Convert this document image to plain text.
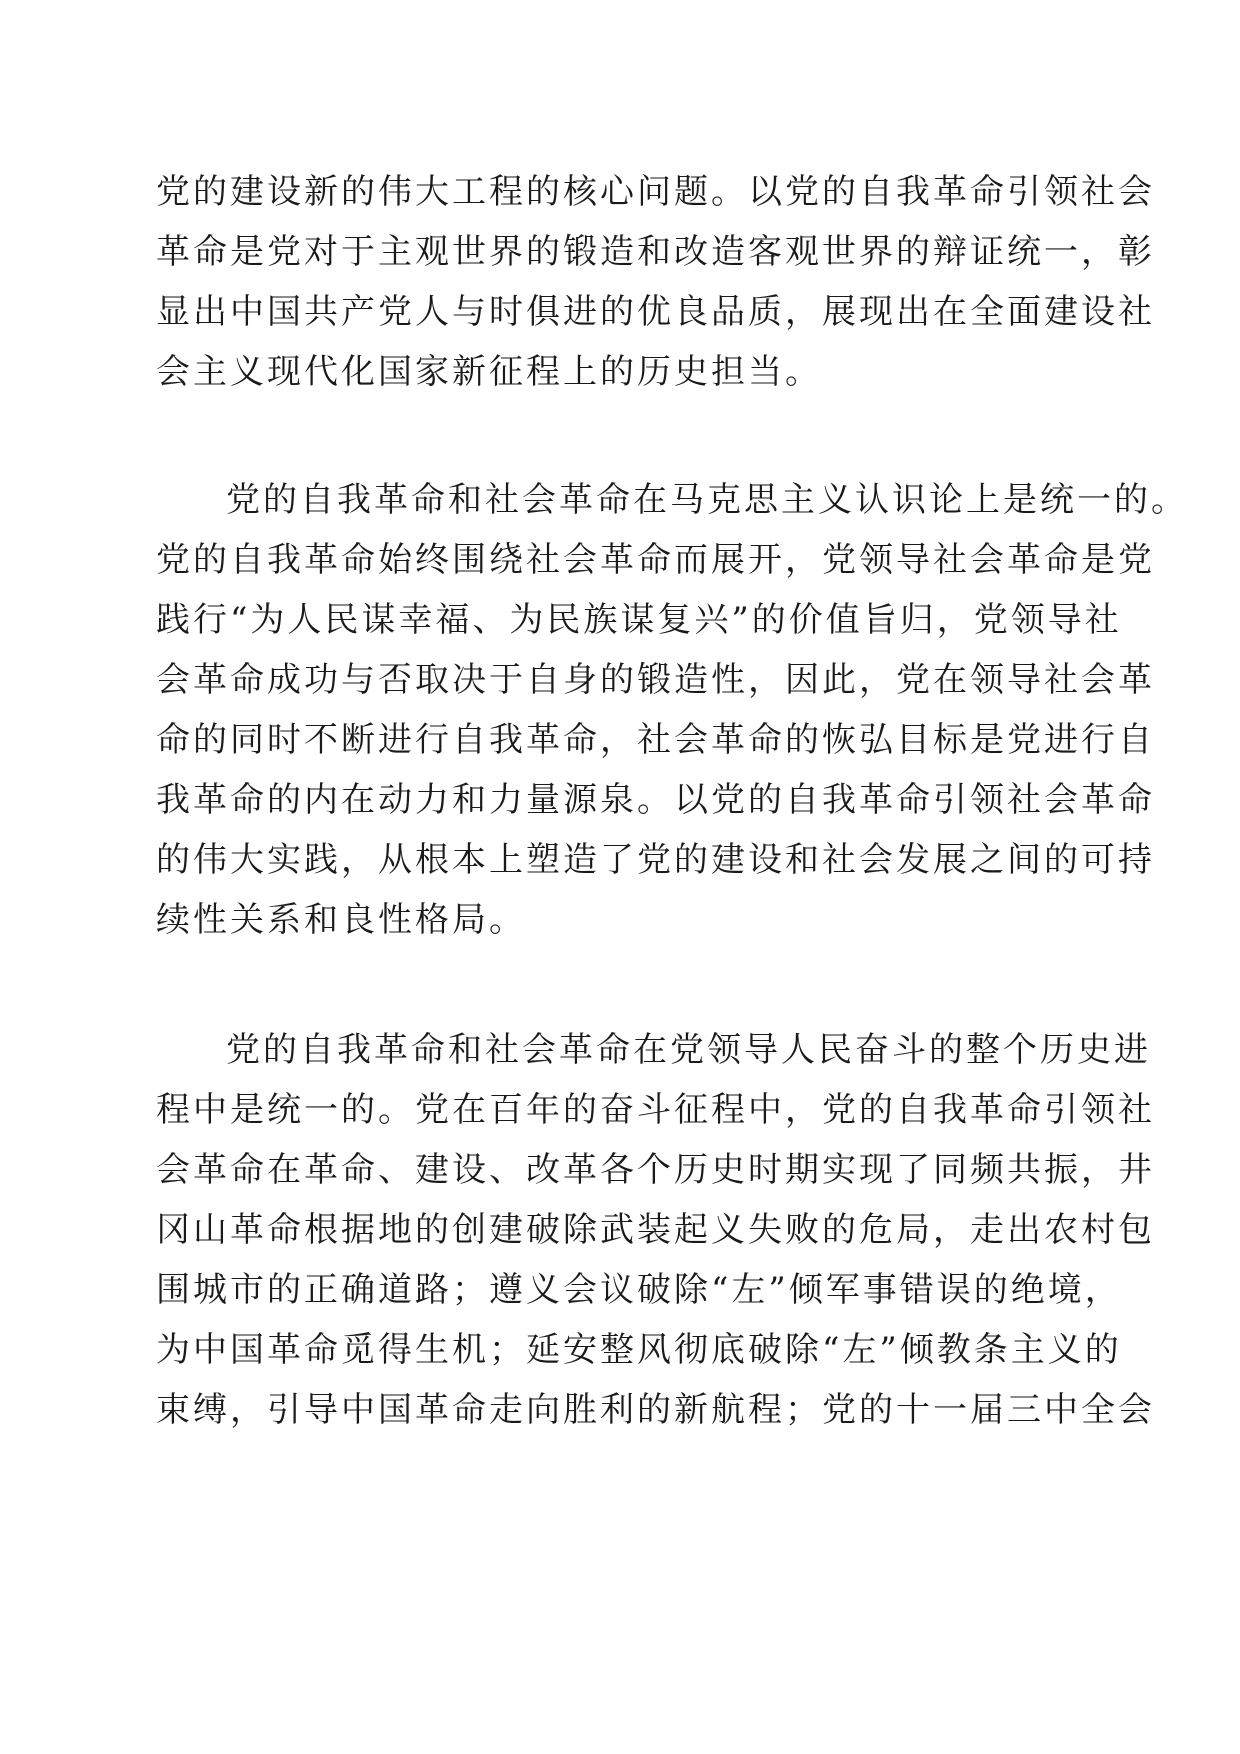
党的建设新的伟大工程的核心问题。以党的自我革命引领社会
革命是党对于主观世界的锻造和改造客观世界的辩证统一，彰
显出中国共产党人与时俱进的优良品质，展现出在全面建设社
会主义现代化国家新征程上的历史担当。
党的自我革命和社会革命在马克思主义认识论上是统一的。
党的自我革命始终围绕社会革命而展开，党领导社会革命是党
践行“为人民谋幸福、为民族谋复兴”的价值旨归，党领导社
会革命成功与否取决于自身的锻造性，因此，党在领导社会革
命的同时不断进行自我革命，社会革命的恢弘目标是党进行自
我革命的内在动力和力量源泉。以党的自我革命引领社会革命
的伟大实践，从根本上塑造了党的建设和社会发展之间的可持
续性关系和良性格局。
党的自我革命和社会革命在党领导人民奋斗的整个历史进
程中是统一的。党在百年的奋斗征程中，党的自我革命引领社
会革命在革命、建设、改革各个历史时期实现了同频共振，井
冈山革命根据地的创建破除武装起义失败的危局，走出农村包
围城市的正确道路；遵义会议破除“左”倾军事错误的绝境，
为中国革命觅得生机；延安整风彻底破除“左”倾教条主义的
束缚，引导中国革命走向胜利的新航程；党的十一届三中全会
